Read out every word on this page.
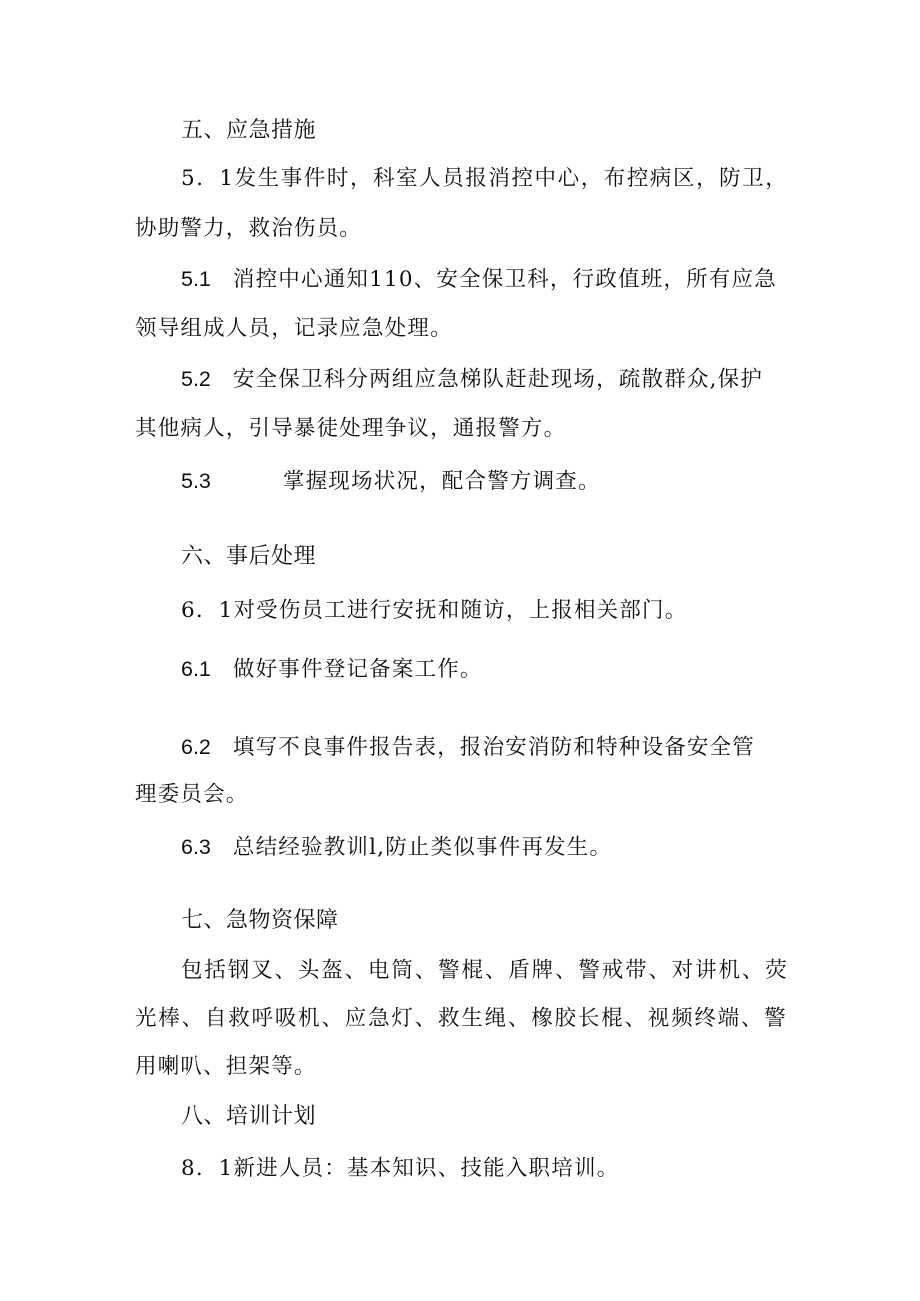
五、应急措施
5．1发生事件时，科室人员报消控中心，布控病区，防卫，
协助警力，救治伤员。
5.1 消控中心通知110、安全保卫科，行政值班，所有应急
领导组成人员，记录应急处理。
5.2 安全保卫科分两组应急梯队赶赴现场，疏散群众,保护
其他病人，引导暴徒处理争议，通报警方。
5.3	掌握现场状况，配合警方调查。
六、事后处理
6．1对受伤员工进行安抚和随访，上报相关部门。
6.1 做好事件登记备案工作。
6.2 填写不良事件报告表，报治安消防和特种设备安全管
理委员会。
6.3 总结经验教训l,防止类似事件再发生。
七、急物资保障
包括钢叉、头盔、电筒、警棍、盾牌、警戒带、对讲机、荧
光棒、自救呼吸机、应急灯、救生绳、橡胶长棍、视频终端、警
用喇叭、担架等。
八、培训计划
8．1新进人员：基本知识、技能入职培训。
